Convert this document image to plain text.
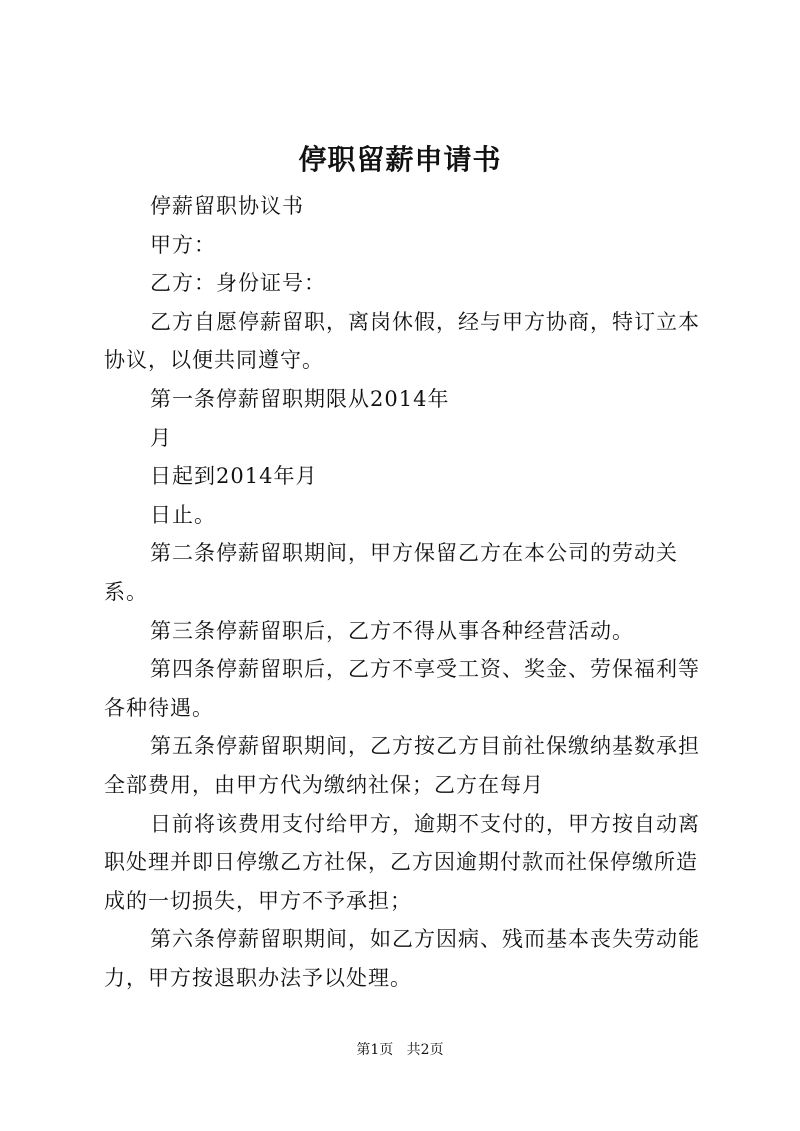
停职留薪申请书

停薪留职协议书

甲方：

乙方：身份证号：

乙方自愿停薪留职，离岗休假，经与甲方协商，特订立本协议，以便共同遵守。

第一条停薪留职期限从2014年

月

日起到2014年月

日止。

第二条停薪留职期间，甲方保留乙方在本公司的劳动关系。

第三条停薪留职后，乙方不得从事各种经营活动。

第四条停薪留职后，乙方不享受工资、奖金、劳保福利等各种待遇。

第五条停薪留职期间，乙方按乙方目前社保缴纳基数承担全部费用，由甲方代为缴纳社保；乙方在每月

日前将该费用支付给甲方，逾期不支付的，甲方按自动离职处理并即日停缴乙方社保，乙方因逾期付款而社保停缴所造成的一切损失，甲方不予承担；

第六条停薪留职期间，如乙方因病、残而基本丧失劳动能力，甲方按退职办法予以处理。

第1页 共2页
